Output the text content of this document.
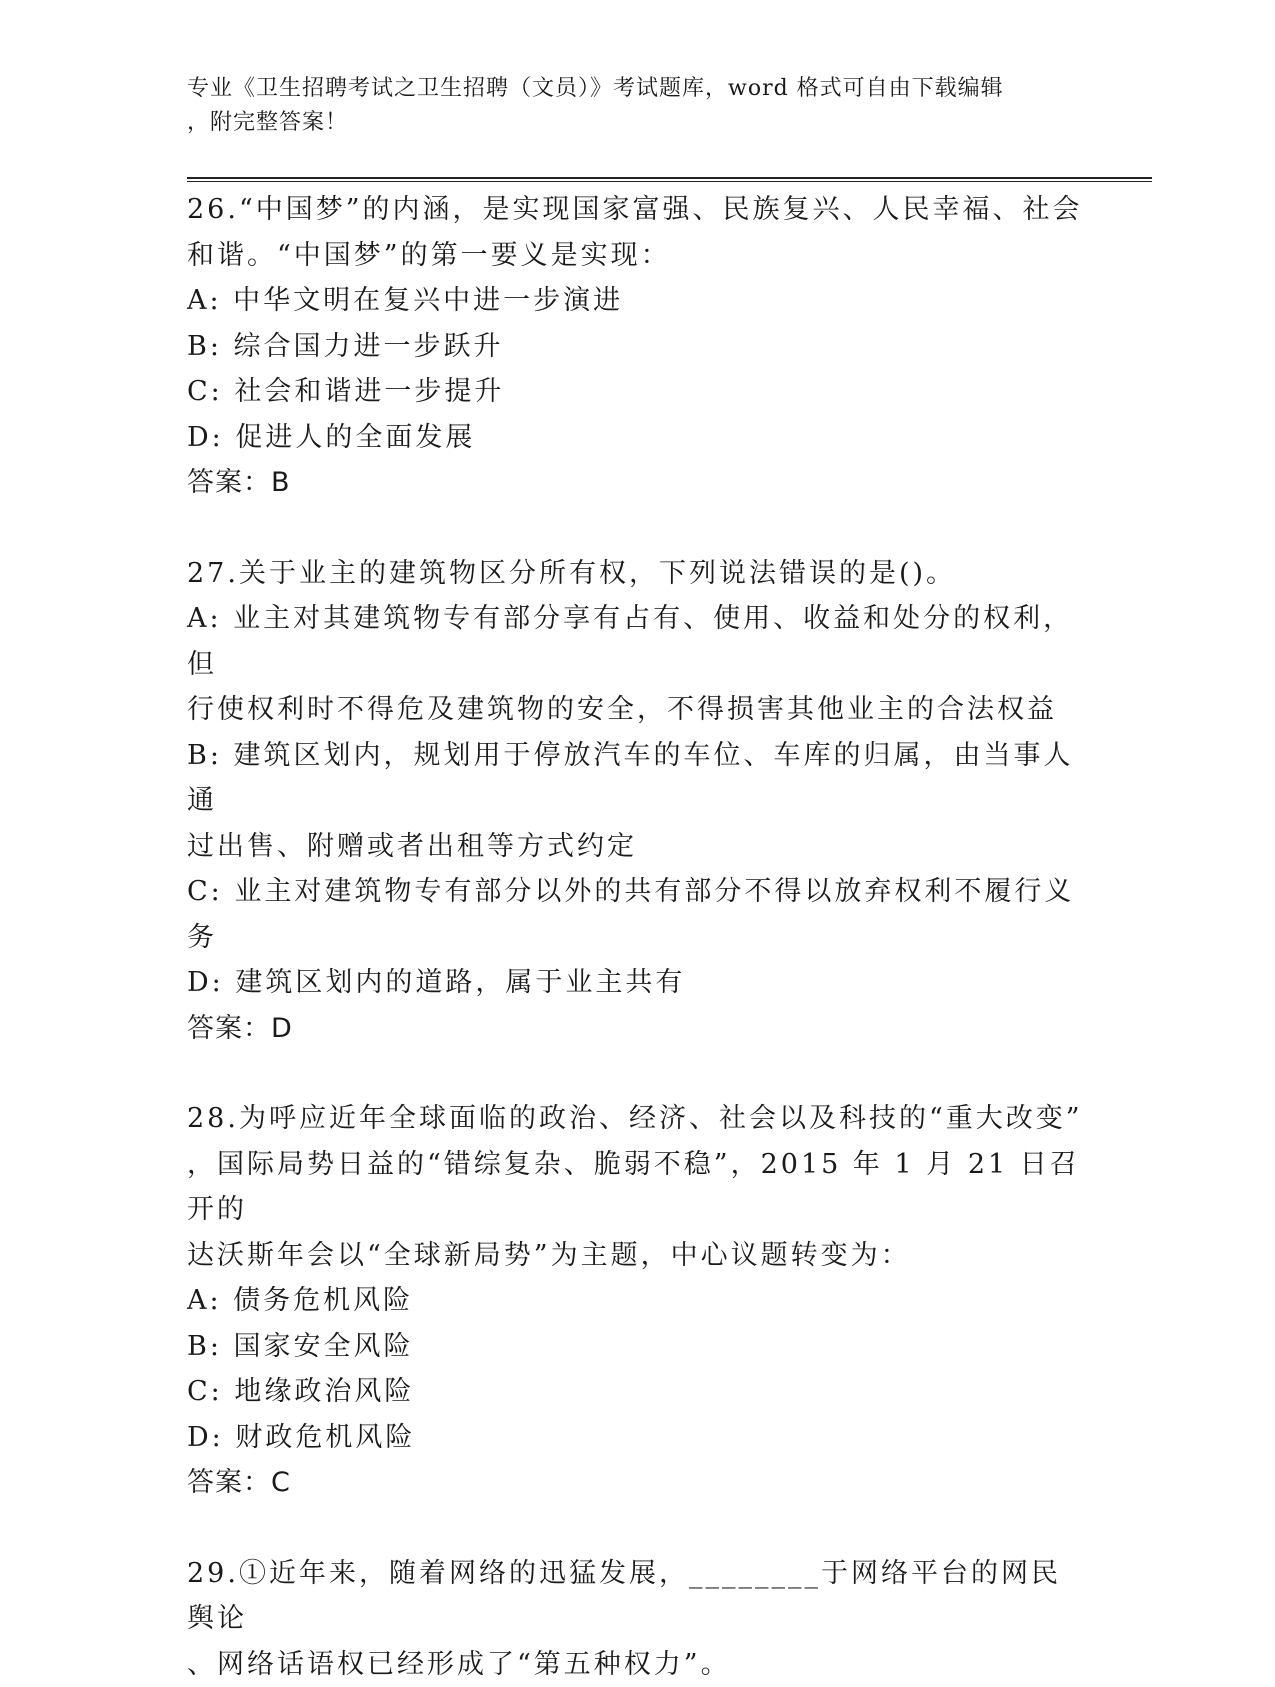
专业《卫生招聘考试之卫生招聘（文员）》考试题库，word 格式可自由下载编辑
，附完整答案！
26.“中国梦”的内涵，是实现国家富强、民族复兴、人民幸福、社会
和谐。“中国梦”的第一要义是实现：
A: 中华文明在复兴中进一步演进
B: 综合国力进一步跃升
C: 社会和谐进一步提升
D: 促进人的全面发展
答案：B
27.关于业主的建筑物区分所有权，下列说法错误的是()。
A: 业主对其建筑物专有部分享有占有、使用、收益和处分的权利，但
行使权利时不得危及建筑物的安全，不得损害其他业主的合法权益
B: 建筑区划内，规划用于停放汽车的车位、车库的归属，由当事人通
过出售、附赠或者出租等方式约定
C: 业主对建筑物专有部分以外的共有部分不得以放弃权利不履行义务
D: 建筑区划内的道路，属于业主共有
答案：D
28.为呼应近年全球面临的政治、经济、社会以及科技的“重大改变”
，国际局势日益的“错综复杂、脆弱不稳”，2015 年 1 月 21 日召开的
达沃斯年会以“全球新局势”为主题，中心议题转变为：
A: 债务危机风险
B: 国家安全风险
C: 地缘政治风险
D: 财政危机风险
答案：C
29.①近年来，随着网络的迅猛发展，________于网络平台的网民舆论
、网络话语权已经形成了“第五种权力”。
